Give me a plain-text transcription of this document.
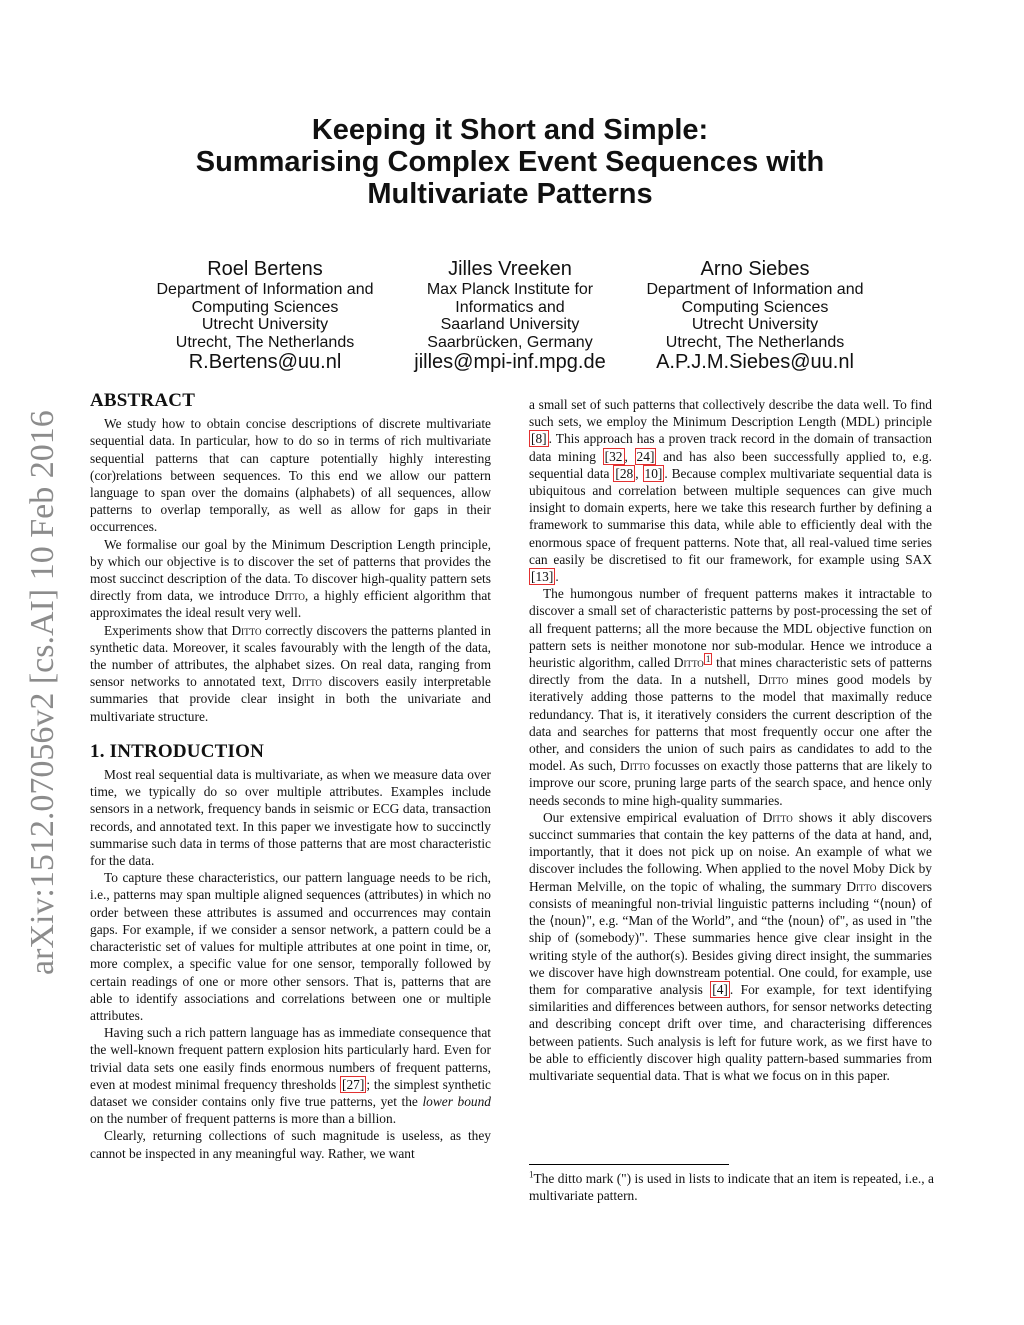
arXiv:1512.07056v2 [cs.AI] 10 Feb 2016
Keeping it Short and Simple:
Summarising Complex Event Sequences with
Multivariate Patterns
Roel Bertens
Department of Information and
Computing Sciences
Utrecht University
Utrecht, The Netherlands
R.Bertens@uu.nl
Jilles Vreeken
Max Planck Institute for
Informatics and
Saarland University
Saarbrücken, Germany
jilles@mpi-inf.mpg.de
Arno Siebes
Department of Information and
Computing Sciences
Utrecht University
Utrecht, The Netherlands
A.P.J.M.Siebes@uu.nl
ABSTRACT

We study how to obtain concise descriptions of discrete multivariate sequential data. In particular, how to do so in terms of rich multivariate sequential patterns that can capture potentially highly interesting (cor)relations between sequences. To this end we allow our pattern language to span over the domains (alphabets) of all sequences, allow patterns to overlap temporally, as well as allow for gaps in their occurrences.

We formalise our goal by the Minimum Description Length principle, by which our objective is to discover the set of patterns that provides the most succinct description of the data. To discover high-quality pattern sets directly from data, we introduce Ditto, a highly efficient algorithm that approximates the ideal result very well.

Experiments show that Ditto correctly discovers the patterns planted in synthetic data. Moreover, it scales favourably with the length of the data, the number of attributes, the alphabet sizes. On real data, ranging from sensor networks to annotated text, Ditto discovers easily interpretable summaries that provide clear insight in both the univariate and multivariate structure.

1. INTRODUCTION

Most real sequential data is multivariate, as when we measure data over time, we typically do so over multiple attributes. Examples include sensors in a network, frequency bands in seismic or ECG data, transaction records, and annotated text. In this paper we investigate how to succinctly summarise such data in terms of those patterns that are most characteristic for the data.

To capture these characteristics, our pattern language needs to be rich, i.e., patterns may span multiple aligned sequences (attributes) in which no order between these attributes is assumed and occurrences may contain gaps. For example, if we consider a sensor network, a pattern could be a characteristic set of values for multiple attributes at one point in time, or, more complex, a specific value for one sensor, temporally followed by certain readings of one or more other sensors. That is, patterns that are able to identify associations and correlations between one or multiple attributes.

Having such a rich pattern language has as immediate consequence that the well-known frequent pattern explosion hits particularly hard. Even for trivial data sets one easily finds enormous numbers of frequent patterns, even at modest minimal frequency thresholds [27] ; the simplest synthetic dataset we consider contains only five true patterns, yet the lower bound on the number of frequent patterns is more than a billion.

Clearly, returning collections of such magnitude is useless, as they cannot be inspected in any meaningful way. Rather, we want

a small set of such patterns that collectively describe the data well. To find such sets, we employ the Minimum Description Length (MDL) principle [8] . This approach has a proven track record in the domain of transaction data mining [32 , 24] and has also been successfully applied to, e.g. sequential data [28 , 10] . Because complex multivariate sequential data is ubiquitous and correlation between multiple sequences can give much insight to domain experts, here we take this research further by defining a framework to summarise this data, while able to efficiently deal with the enormous space of frequent patterns. Note that, all real-valued time series can easily be discretised to fit our framework, for example using SAX [13] .

The humongous number of frequent patterns makes it intractable to discover a small set of characteristic patterns by post-processing the set of all frequent patterns; all the more because the MDL objective function on pattern sets is neither monotone nor sub-modular. Hence we introduce a heuristic algorithm, called Ditto $^1$ that mines characteristic sets of patterns directly from the data. In a nutshell, Ditto mines good models by iteratively adding those patterns to the model that maximally reduce redundancy. That is, it iteratively considers the current description of the data and searches for patterns that most frequently occur one after the other, and considers the union of such pairs as candidates to add to the model. As such, Ditto focusses on exactly those patterns that are likely to improve our score, pruning large parts of the search space, and hence only needs seconds to mine high-quality summaries.

Our extensive empirical evaluation of Ditto shows it ably discovers succinct summaries that contain the key patterns of the data at hand, and, importantly, that it does not pick up on noise. An example of what we discover includes the following. When applied to the novel Moby Dick by Herman Melville, on the topic of whaling, the summary Ditto discovers consists of meaningful non-trivial linguistic patterns including “⟨noun⟩ of the ⟨noun⟩", e.g. “Man of the World”, and “the ⟨noun⟩ of", as used in "the ship of (somebody)". These summaries hence give clear insight in the writing style of the author(s). Besides giving direct insight, the summaries we discover have high downstream potential. One could, for example, use them for comparative analysis [4] . For example, for text identifying similarities and differences between authors, for sensor networks detecting and describing concept drift over time, and characterising differences between patients. Such analysis is left for future work, as we first have to be able to efficiently discover high quality pattern-based summaries from multivariate sequential data. That is what we focus on in this paper.

$^1$The ditto mark (") is used in lists to indicate that an item is repeated, i.e., a multivariate pattern.
